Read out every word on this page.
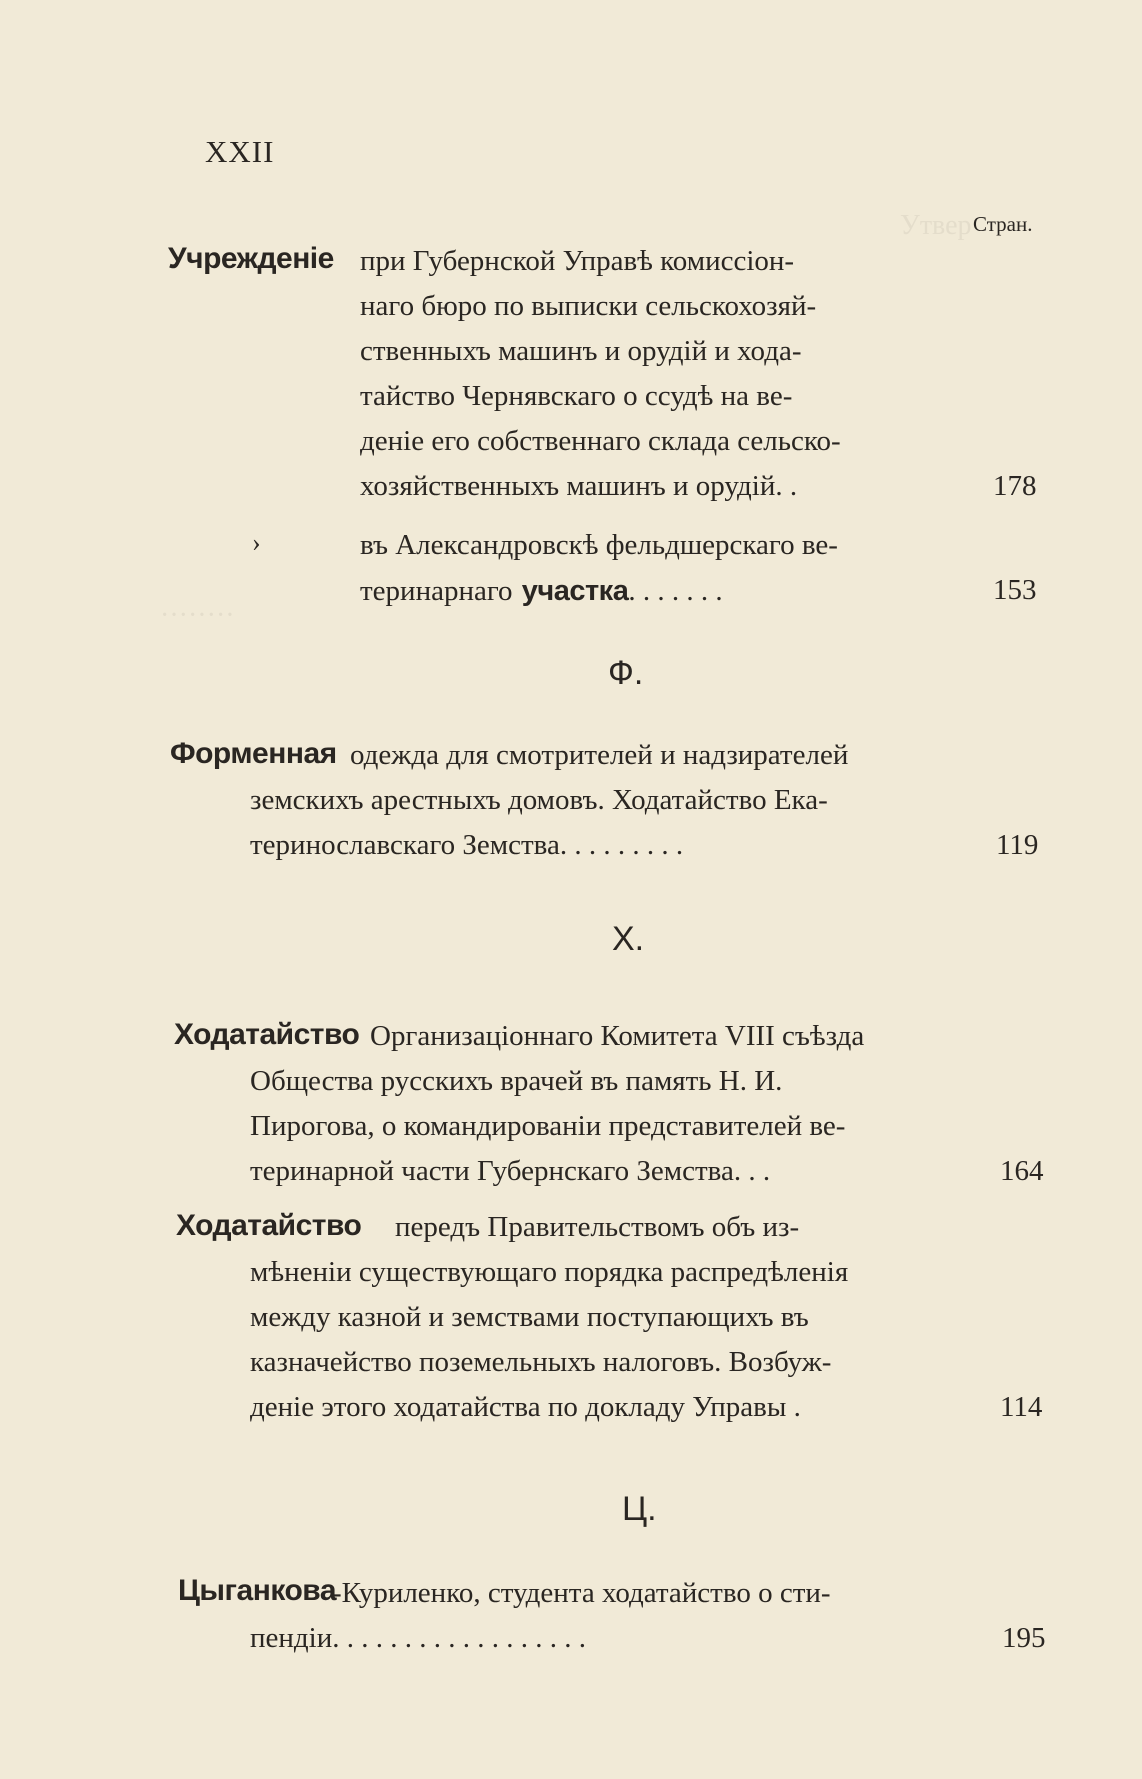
Утвер
········
XXII
Стран.
Учрежденіе при Губернской Управѣ комиссіон-
наго бюро по выписки сельскохозяй-
ственныхъ машинъ и орудій и хода-
тайство Чернявскаго о ссудѣ на ве-
деніе его собственнаго склада сельско-
хозяйственныхъ машинъ и орудій. .	178
›	въ Александровскѣ фельдшерскаго ве-
теринарнаго участка. . . . . . .	153
Ф.
Форменная одежда для смотрителей и надзирателей
земскихъ арестныхъ домовъ. Ходатайство Ека-
теринославскаго Земства. . . . . . . . .	119
Х.
Ходатайство Организаціоннаго Комитета VIII съѣзда
Общества русскихъ врачей въ память Н. И.
Пирогова, о командированіи представителей ве-
теринарной части Губернскаго Земства. . .	164
Ходатайство передъ Правительствомъ объ из-
мѣненіи существующаго порядка распредѣленія
между казной и земствами поступающихъ въ
казначейство поземельныхъ налоговъ. Возбуж-
деніе этого ходатайства по докладу Управы .	114
Ц.
Цыганкова
-Куриленко, студента ходатайство о сти-
пендіи. . . . . . . . . . . . . . . . . .	195
